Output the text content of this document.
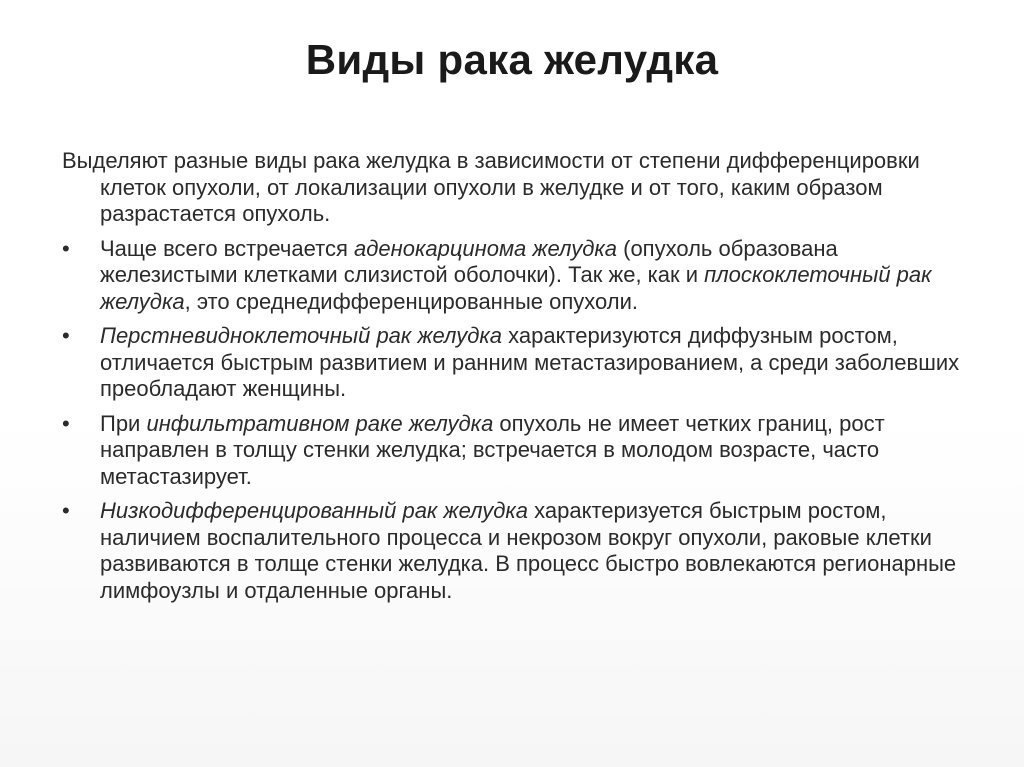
Виды рака желудка

Выделяют разные виды рака желудка в зависимости от степени дифференцировки клеток опухоли, от локализации опухоли в желудке и от того, каким образом разрастается опухоль.

•	Чаще всего встречается аденокарцинома желудка (опухоль образована железистыми клетками слизистой оболочки). Так же, как и плоскоклеточный рак желудка, это среднедифференцированные опухоли.
•	Перстневидноклеточный рак желудка характеризуются диффузным ростом, отличается быстрым развитием и ранним метастазированием, а среди заболевших преобладают женщины.
•	При инфильтративном раке желудка опухоль не имеет четких границ, рост направлен в толщу стенки желудка; встречается в молодом возрасте, часто метастазирует.
•	Низкодифференцированный рак желудка характеризуется быстрым ростом, наличием воспалительного процесса и некрозом вокруг опухоли, раковые клетки развиваются в толще стенки желудка. В процесс быстро вовлекаются регионарные лимфоузлы и отдаленные органы.
